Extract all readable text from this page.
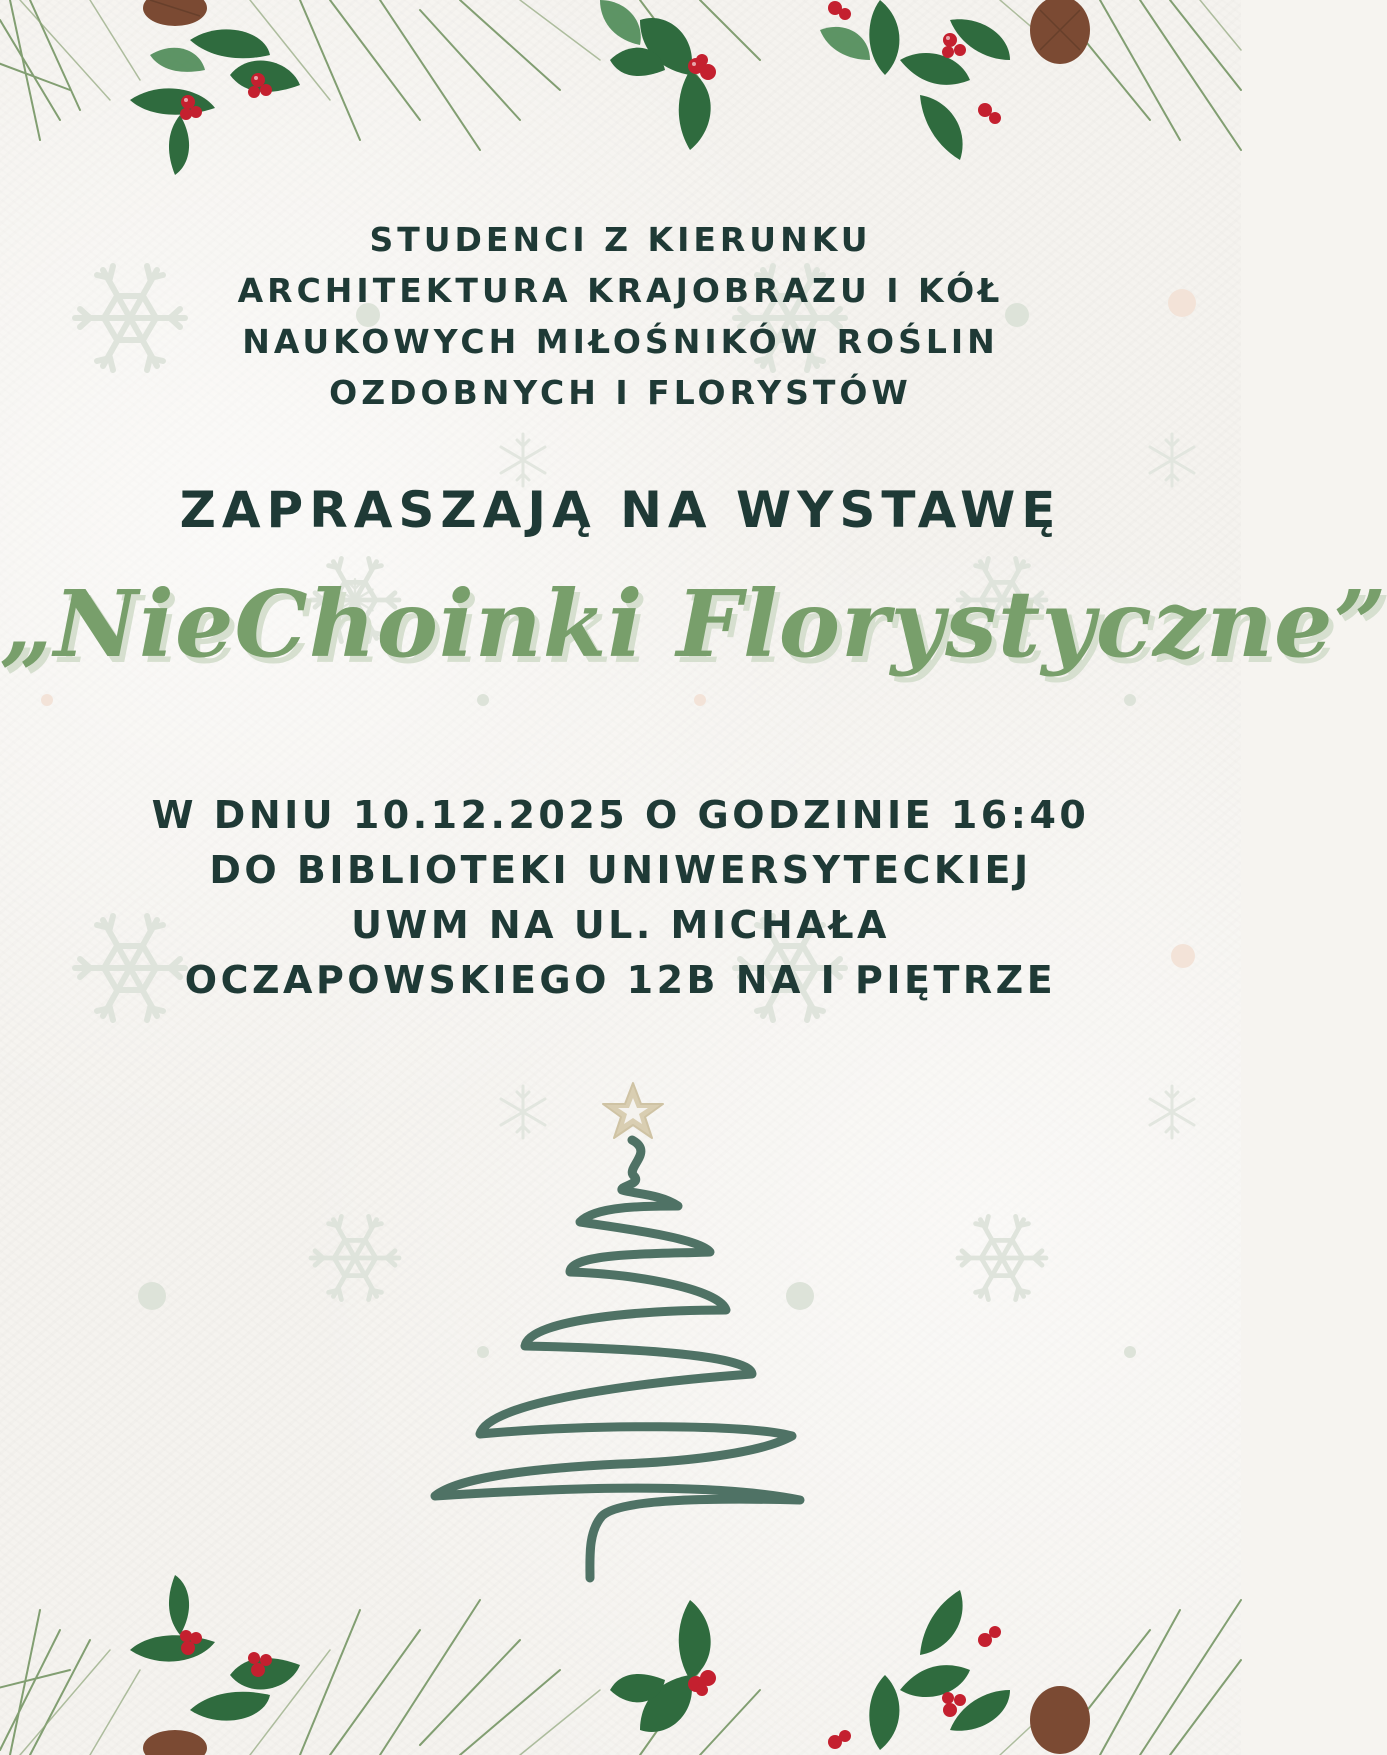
STUDENCI Z KIERUNKU
ARCHITEKTURA KRAJOBRAZU I KÓŁ
NAUKOWYCH MIŁOŚNIKÓW ROŚLIN
OZDOBNYCH I FLORYSTÓW
ZAPRASZAJĄ NA WYSTAWĘ
„NieChoinki Florystyczne”
W DNIU 10.12.2025 O GODZINIE 16:40
DO BIBLIOTEKI UNIWERSYTECKIEJ
UWM NA UL. MICHAŁA
OCZAPOWSKIEGO 12B NA I PIĘTRZE
